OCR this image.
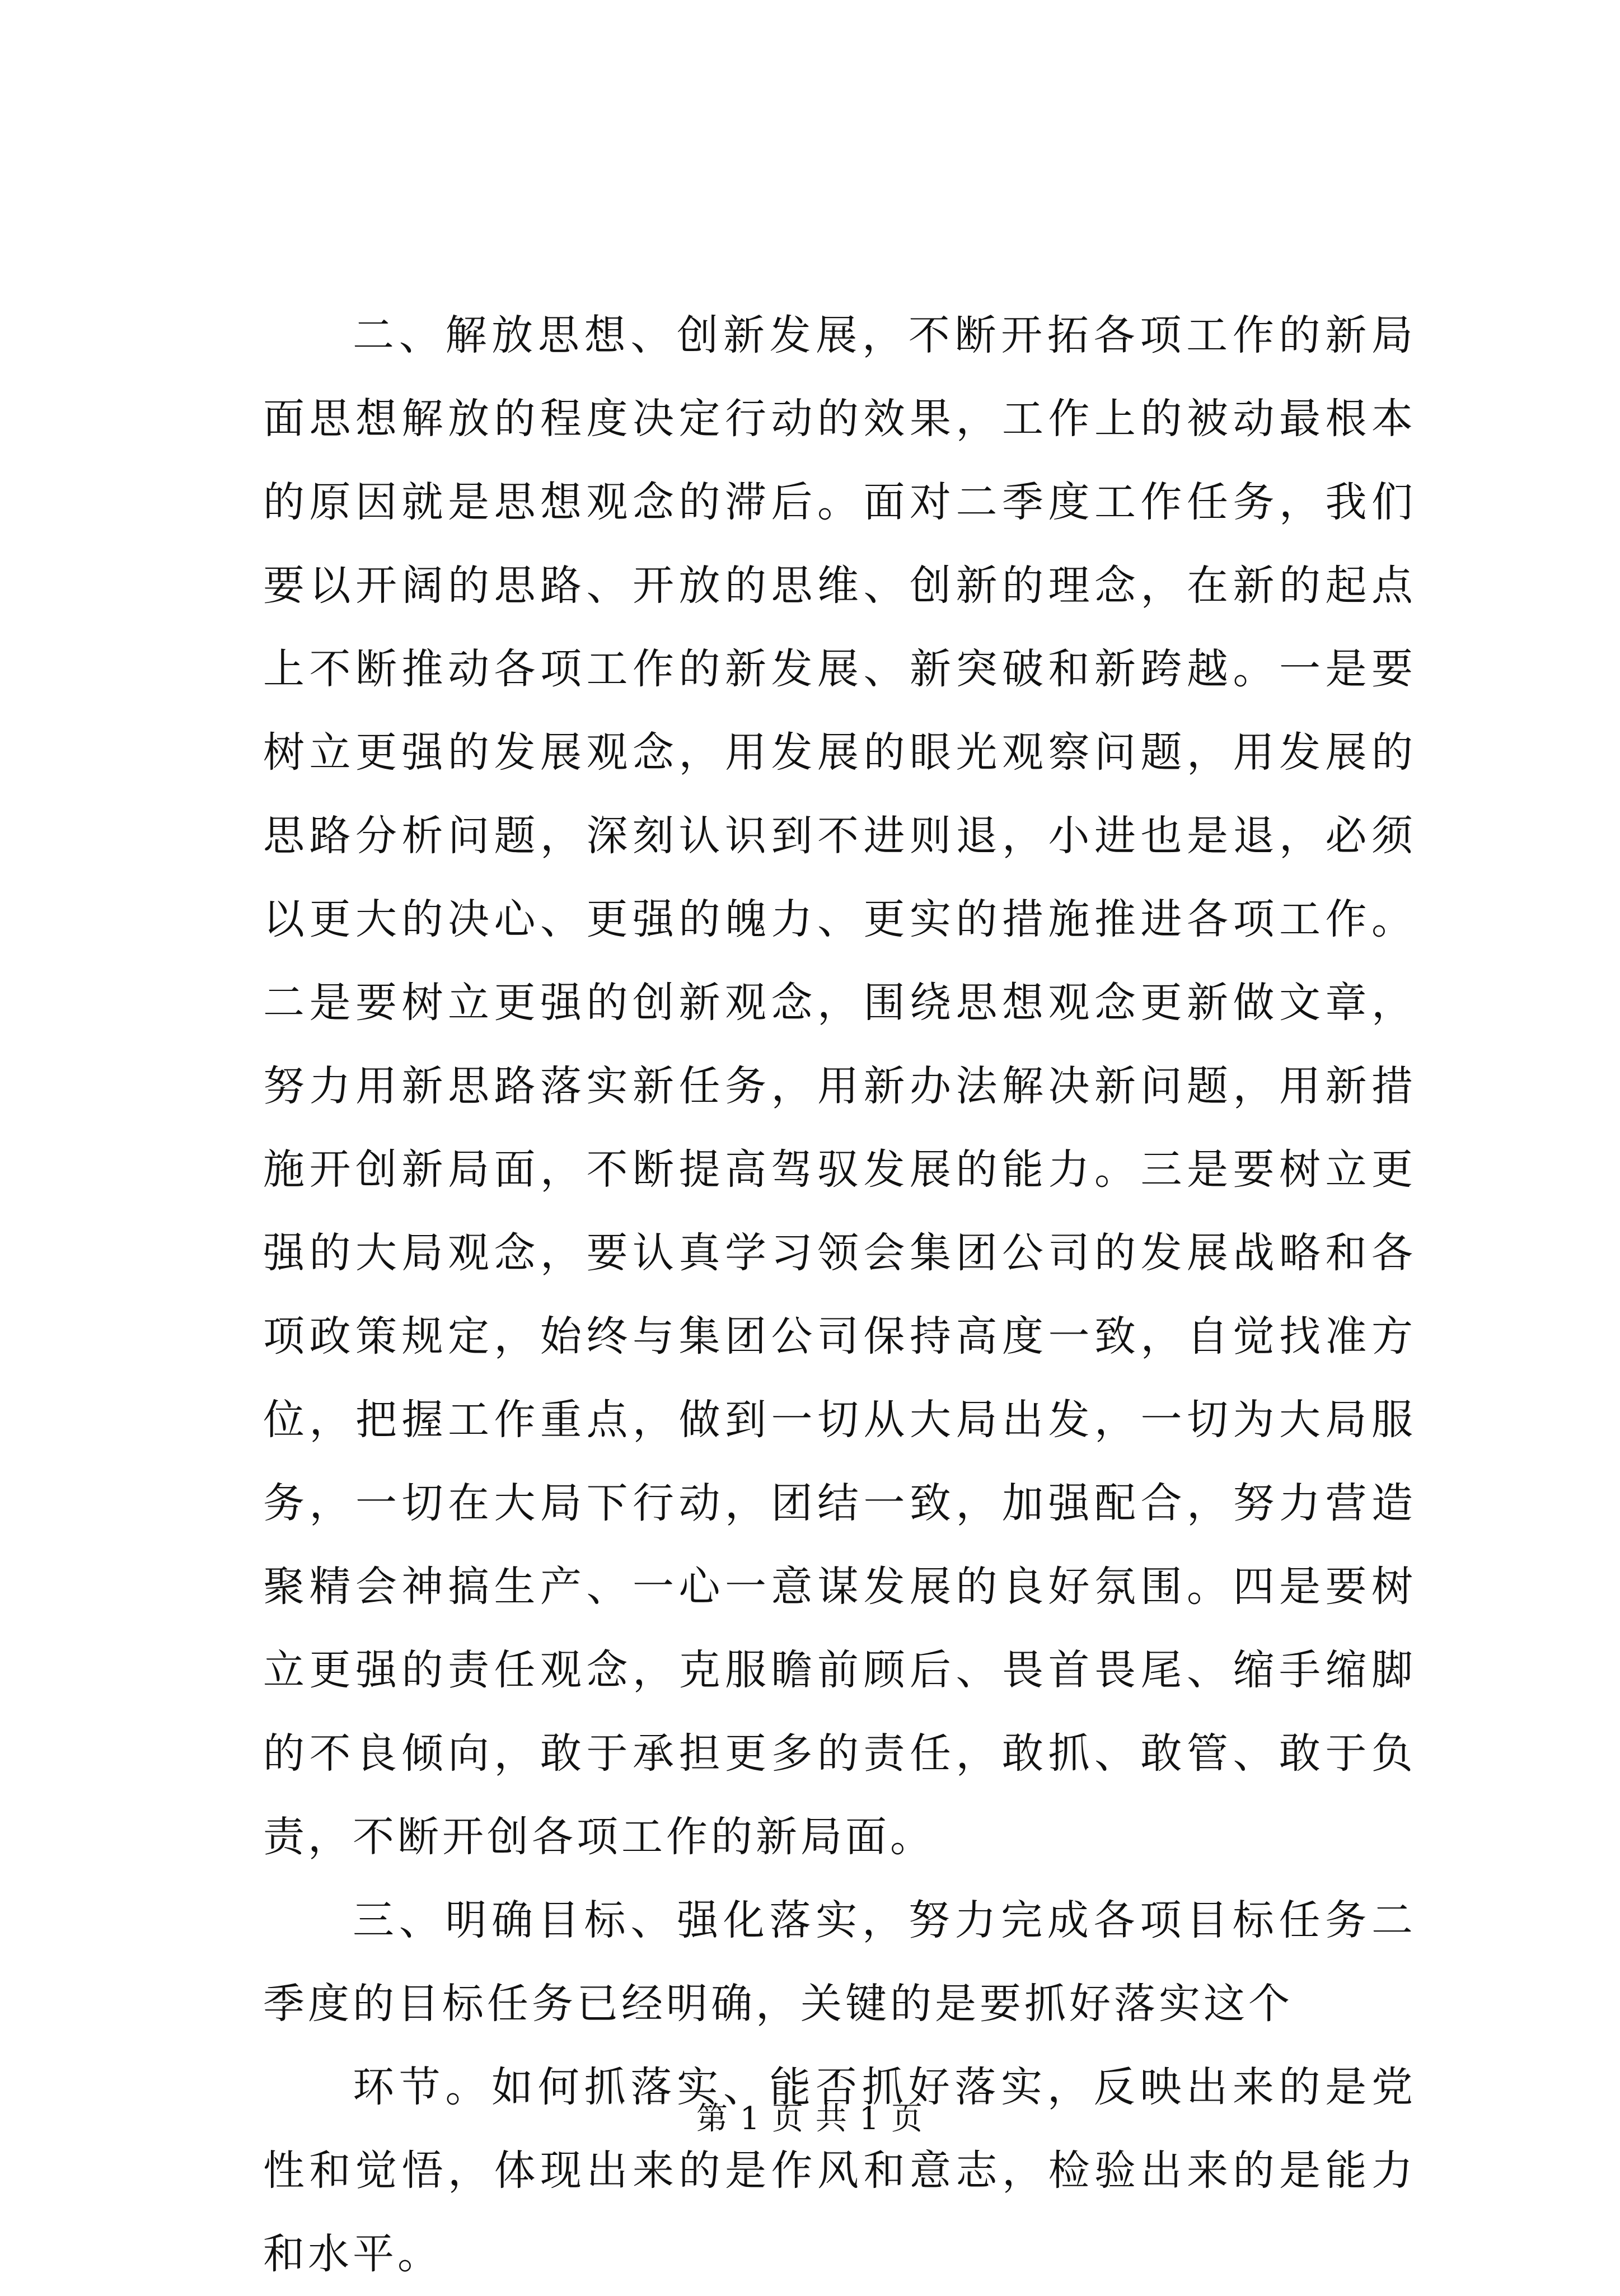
二、解放思想、创新发展，不断开拓各项工作的新局面思想解放的程度决定行动的效果，工作上的被动最根本的原因就是思想观念的滞后。面对二季度工作任务，我们要以开阔的思路、开放的思维、创新的理念，在新的起点上不断推动各项工作的新发展、新突破和新跨越。一是要树立更强的发展观念，用发展的眼光观察问题，用发展的思路分析问题，深刻认识到不进则退，小进也是退，必须以更大的决心、更强的魄力、更实的措施推进各项工作。二是要树立更强的创新观念，围绕思想观念更新做文章，努力用新思路落实新任务，用新办法解决新问题，用新措施开创新局面，不断提高驾驭发展的能力。三是要树立更强的大局观念，要认真学习领会集团公司的发展战略和各项政策规定，始终与集团公司保持高度一致，自觉找准方位，把握工作重点，做到一切从大局出发，一切为大局服务，一切在大局下行动，团结一致，加强配合，努力营造聚精会神搞生产、一心一意谋发展的良好氛围。四是要树立更强的责任观念，克服瞻前顾后、畏首畏尾、缩手缩脚的不良倾向，敢于承担更多的责任，敢抓、敢管、敢于负责，不断开创各项工作的新局面。

三、明确目标、强化落实，努力完成各项目标任务二季度的目标任务已经明确，关键的是要抓好落实这个

环节。如何抓落实、能否抓好落实，反映出来的是党性和觉悟，体现出来的是作风和意志，检验出来的是能力和水平。

第 1 页 共 1 页
